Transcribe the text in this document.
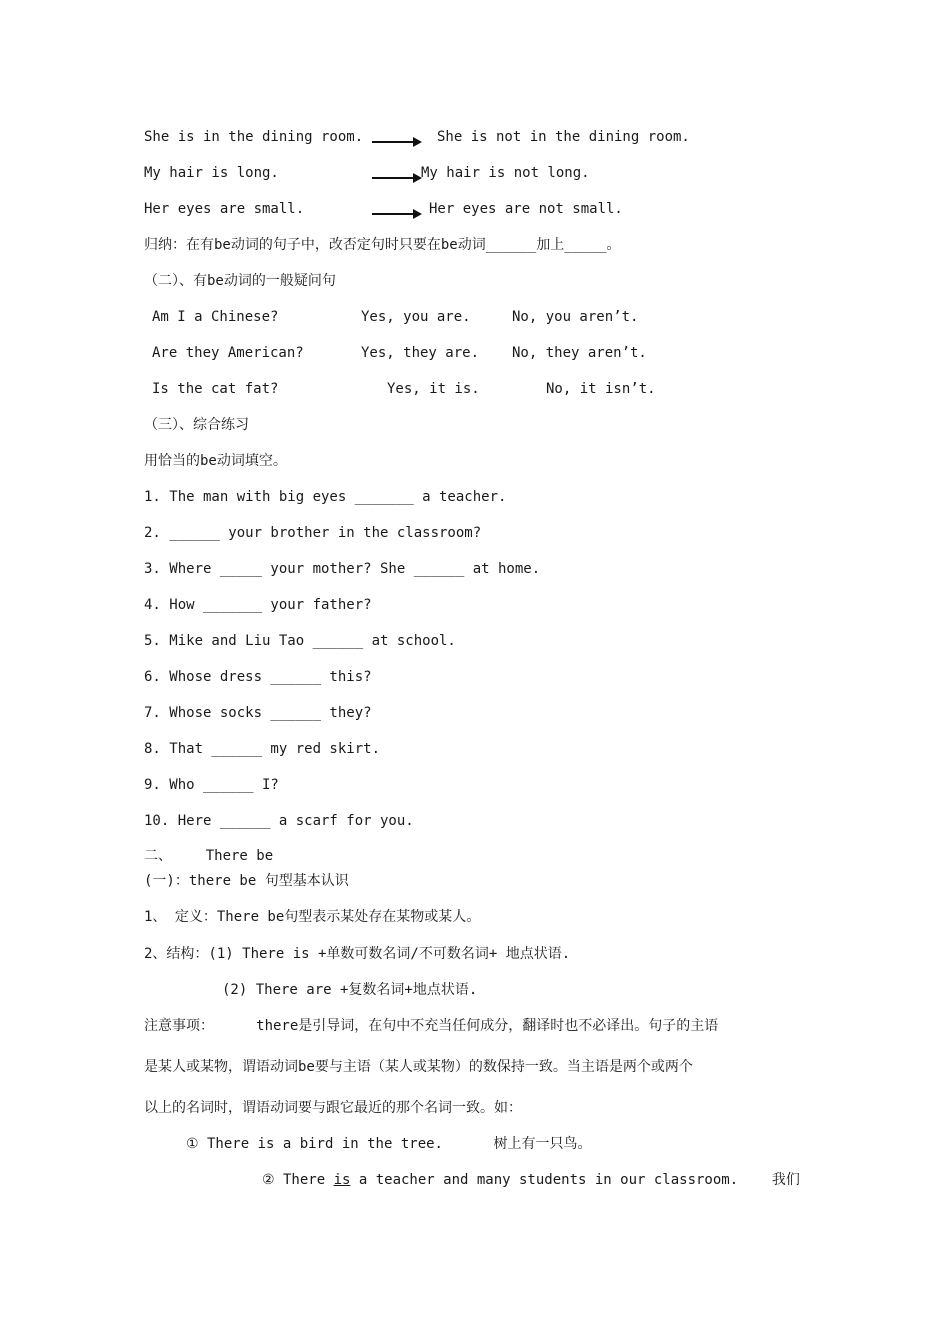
She is in the dining room.	She is not in the dining room.
My hair is long.	My hair is not long.
Her eyes are small.	Her eyes are not small.
归纳：在有be动词的句子中，改否定句时只要在be动词______加上_____。
（二）、有be动词的一般疑问句
Am I a Chinese?	Yes, you are.	No, you aren’t.
Are they American?	Yes, they are. No, they aren’t.
Is the cat fat?	Yes, it is.	No, it isn’t.
（三）、综合练习
用恰当的be动词填空。
1. The man with big eyes _______ a teacher.
2. ______ your brother in the classroom?
3. Where _____ your mother? She ______ at home.
4. How _______ your father?
5. Mike and Liu Tao ______ at school.
6. Whose dress ______ this?
7. Whose socks ______ they?
8. That ______ my red skirt.
9. Who ______ I?
10. Here ______ a scarf for you.
二、    There be
(一)：there be 句型基本认识
1、 定义：There be句型表示某处存在某物或某人。
2、结构：(1) There is +单数可数名词/不可数名词+ 地点状语.
(2) There are +复数名词+地点状语.
注意事项：     there是引导词，在句中不充当任何成分，翻译时也不必译出。句子的主语
是某人或某物，谓语动词be要与主语（某人或某物）的数保持一致。当主语是两个或两个
以上的名词时，谓语动词要与跟它最近的那个名词一致。如：
① There is a bird in the tree.      树上有一只鸟。
② There is a teacher and many students in our classroom.    我们
